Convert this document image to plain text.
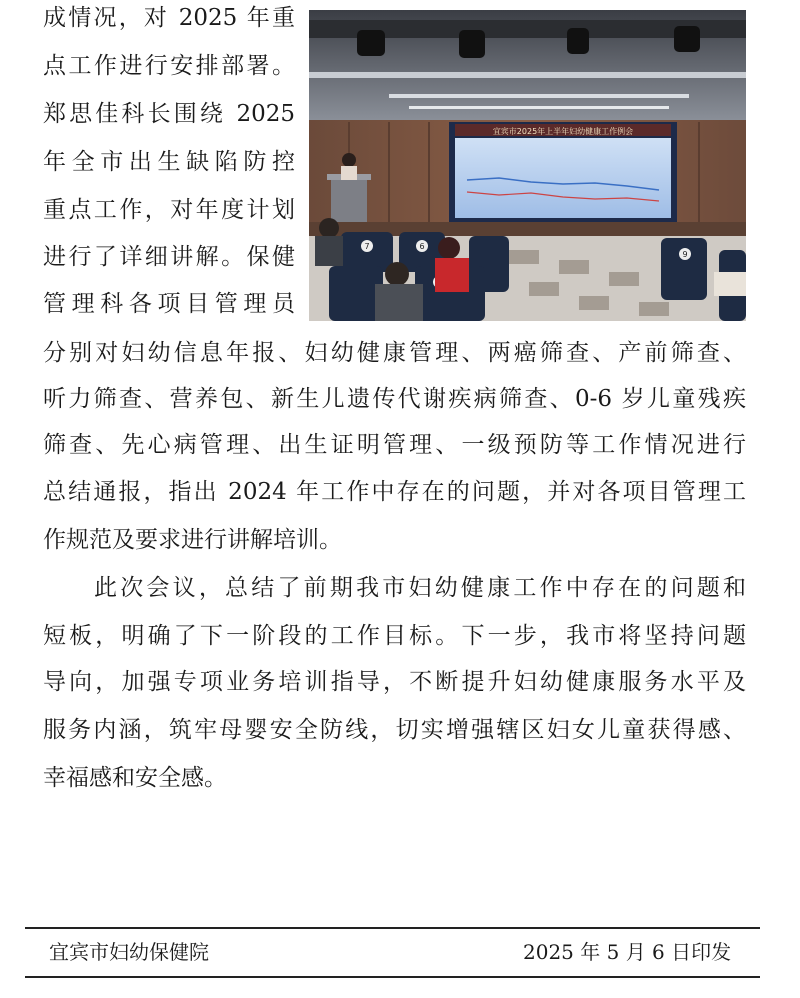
成情况，对 2025 年重
点工作进行安排部署。
郑思佳科长围绕 2025
年全市出生缺陷防控
重点工作，对年度计划
进行了详细讲解。保健
管理科各项目管理员
宜宾市2025年上半年妇幼健康工作例会
7	6
9
分别对妇幼信息年报、妇幼健康管理、两癌筛查、产前筛查、
听力筛查、营养包、新生儿遗传代谢疾病筛查、0-6 岁儿童残疾
筛查、先心病管理、出生证明管理、一级预防等工作情况进行
总结通报，指出 2024 年工作中存在的问题，并对各项目管理工
作规范及要求进行讲解培训。
此次会议，总结了前期我市妇幼健康工作中存在的问题和
短板，明确了下一阶段的工作目标。下一步，我市将坚持问题
导向，加强专项业务培训指导，不断提升妇幼健康服务水平及
服务内涵，筑牢母婴安全防线，切实增强辖区妇女儿童获得感、
幸福感和安全感。
宜宾市妇幼保健院	2025 年 5 月 6 日印发
